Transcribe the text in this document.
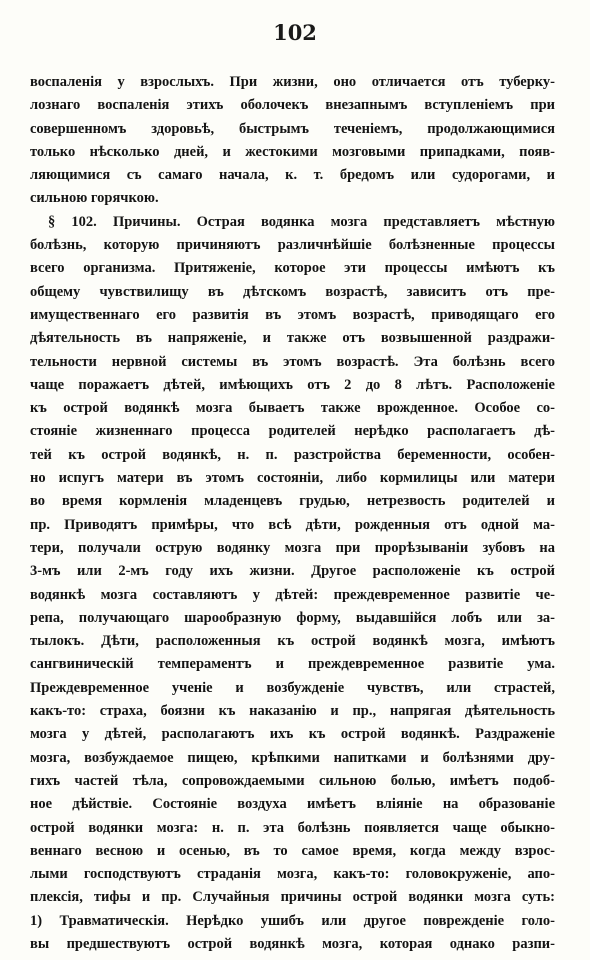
102
воспаленія у взрослыхъ. При жизни, оно отличается отъ туберку-
лознаго воспаленія этихъ оболочекъ внезапнымъ вступленіемъ при
совершенномъ здоровьѣ, быстрымъ теченіемъ, продолжающимися
только нѣсколько дней, и жестокими мозговыми припадками, появ-
ляющимися съ самаго начала, к. т. бредомъ или судорогами, и
сильною горячкою.
§ 102. Причины. Острая водянка мозга представляетъ мѣстную
болѣзнь, которую причиняютъ различнѣйшіе болѣзненные процессы
всего организма. Притяженіе, которое эти процессы имѣютъ къ
общему чувствилищу въ дѣтскомъ возрастѣ, зависитъ отъ пре-
имущественнаго его развитія въ этомъ возрастѣ, приводящаго его
дѣятельность въ напряженіе, и также отъ возвышенной раздражи-
тельности нервной системы въ этомъ возрастѣ. Эта болѣзнь всего
чаще поражаетъ дѣтей, имѣющихъ отъ 2 до 8 лѣтъ. Расположеніе
къ острой водянкѣ мозга бываетъ также врожденное. Особое со-
стояніе жизненнаго процесса родителей нерѣдко располагаетъ дѣ-
тей къ острой водянкѣ, н. п. разстройства беременности, особен-
но испугъ матери въ этомъ состояніи, либо кормилицы или матери
во время кормленія младенцевъ грудью, нетрезвость родителей и
пр. Приводятъ примѣры, что всѣ дѣти, рожденныя отъ одной ма-
тери, получали острую водянку мозга при прорѣзываніи зубовъ на
3-мъ или 2-мъ году ихъ жизни. Другое расположеніе къ острой
водянкѣ мозга составляютъ у дѣтей: преждевременное развитіе че-
репа, получающаго шарообразную форму, выдавшійся лобъ или за-
тылокъ. Дѣти, расположенныя къ острой водянкѣ мозга, имѣютъ
сангвиническій темпераментъ и преждевременное развитіе ума.
Преждевременное ученіе и возбужденіе чувствъ, или страстей,
какъ-то: страха, боязни къ наказанію и пр., напрягая дѣятельность
мозга у дѣтей, располагаютъ ихъ къ острой водянкѣ. Раздраженіе
мозга, возбуждаемое пищею, крѣпкими напитками и болѣзнями дру-
гихъ частей тѣла, сопровождаемыми сильною болью, имѣетъ подоб-
ное дѣйствіе. Состояніе воздуха имѣетъ вліяніе на образованіе
острой водянки мозга: н. п. эта болѣзнь появляется чаще обыкно-
веннаго весною и осенью, въ то самое время, когда между взрос-
лыми господствуютъ страданія мозга, какъ-то: головокруженіе, апо-
плексія, тифы и пр. Случайныя причины острой водянки мозга суть:
1) Травматическія. Нерѣдко ушибъ или другое поврежденіе голо-
вы предшествуютъ острой водянкѣ мозга, которая однако разпи-
